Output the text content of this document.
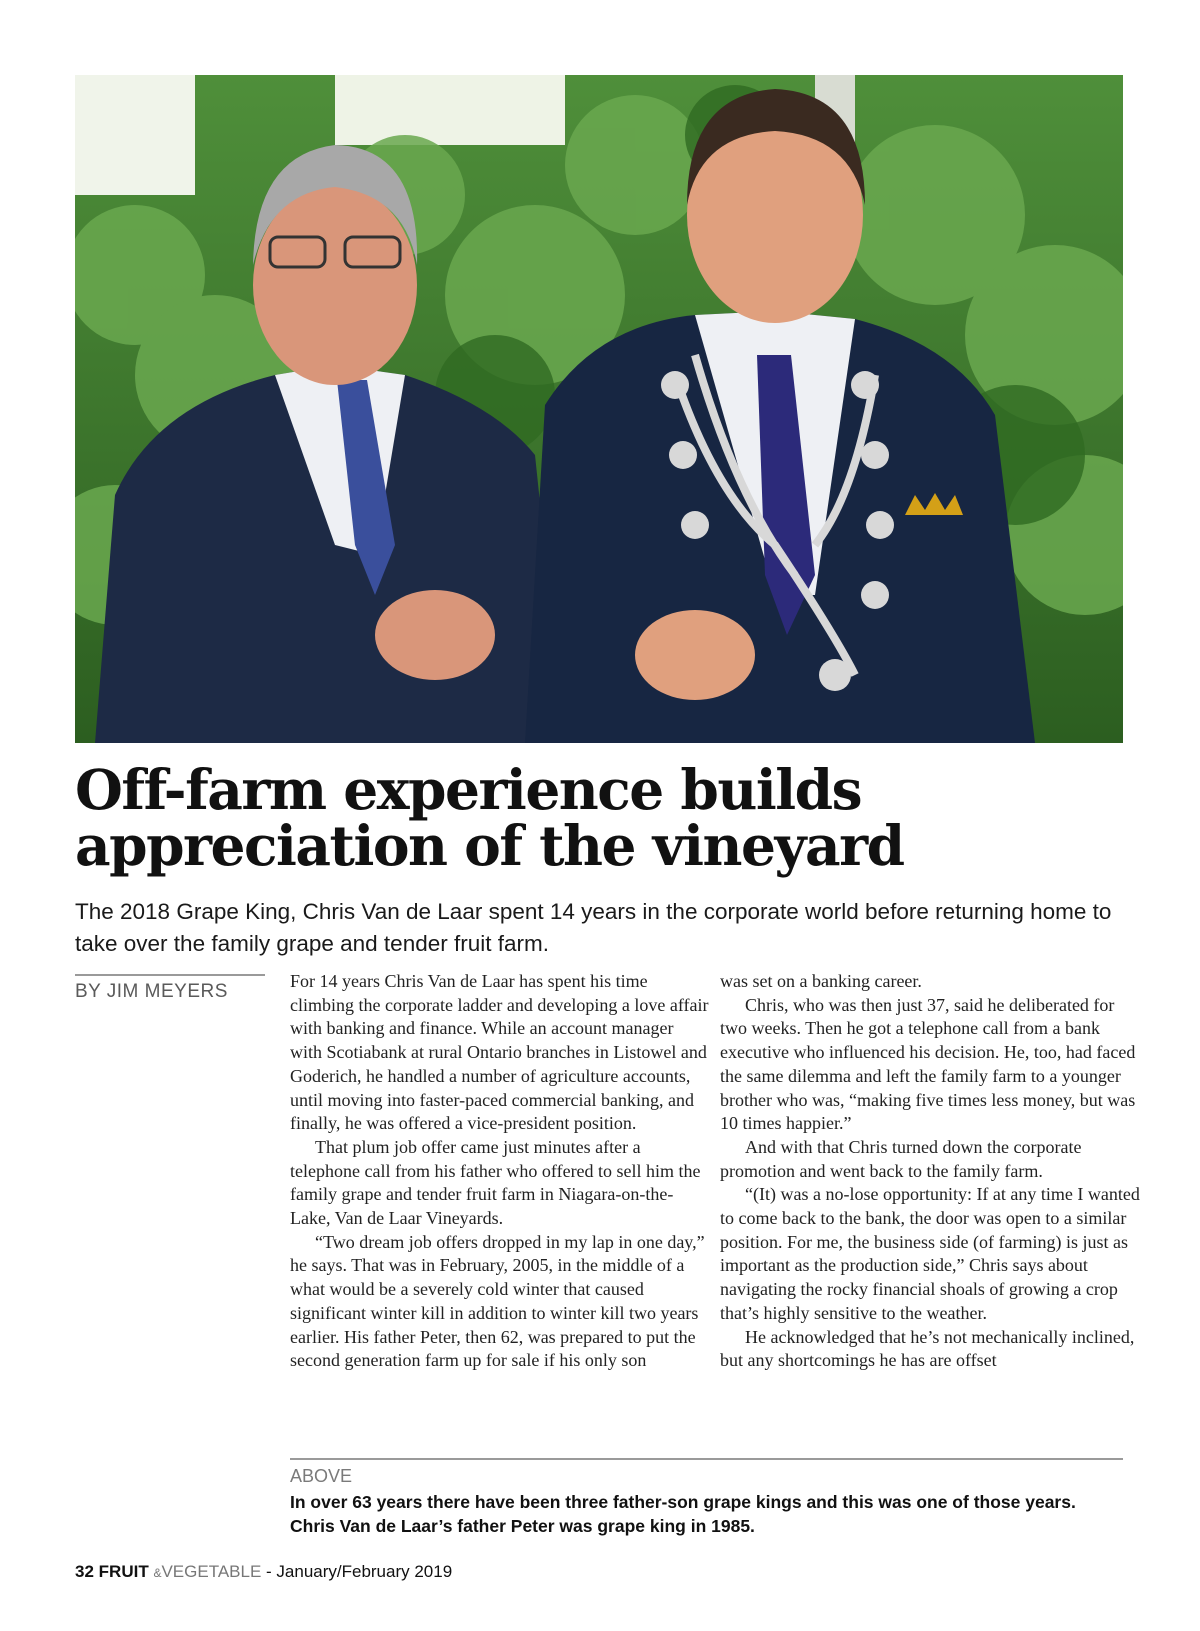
Off-farm experience builds
appreciation of the vineyard

The 2018 Grape King, Chris Van de Laar spent 14 years in the corporate world before returning home to take over the family grape and tender fruit farm.

BY JIM MEYERS	For 14 years Chris Van de Laar has spent his time climbing the corporate ladder and developing a love affair with banking and finance. While an account manager with Scotiabank at rural Ontario branches in Listowel and Goderich, he handled a number of agriculture accounts, until moving into faster-paced commercial banking, and finally, he was offered a vice-president position.

That plum job offer came just minutes after a telephone call from his father who offered to sell him the family grape and tender fruit farm in Niagara-on-the-Lake, Van de Laar Vineyards.

“Two dream job offers dropped in my lap in one day,” he says. That was in February, 2005, in the middle of a what would be a severely cold winter that caused significant winter kill in addition to winter kill two years earlier. His father Peter, then 62, was prepared to put the second generation farm up for sale if his only son

was set on a banking career.

Chris, who was then just 37, said he deliberated for two weeks. Then he got a telephone call from a bank executive who influenced his decision. He, too, had faced the same dilemma and left the family farm to a younger brother who was, “making five times less money, but was 10 times happier.”

And with that Chris turned down the corporate promotion and went back to the family farm.

“(It) was a no-lose opportunity: If at any time I wanted to come back to the bank, the door was open to a similar position. For me, the business side (of farming) is just as important as the production side,” Chris says about navigating the rocky financial shoals of growing a crop that’s highly sensitive to the weather.

He acknowledged that he’s not mechanically inclined, but any shortcomings he has are offset

ABOVE

In over 63 years there have been three father-son grape kings and this was one of those years. Chris Van de Laar’s father Peter was grape king in 1985.

32 FRUIT &VEGETABLE - January/February 2019
